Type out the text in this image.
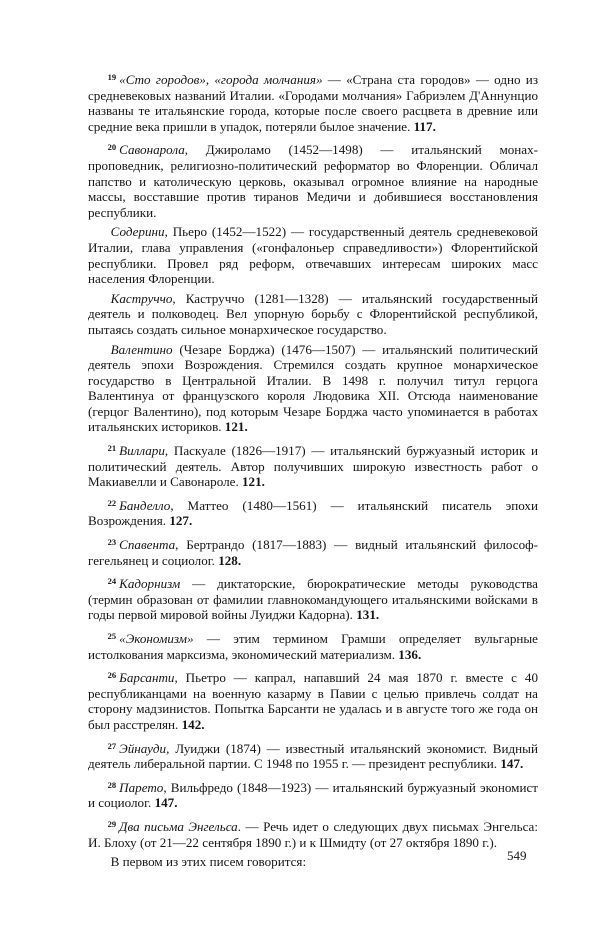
$^{19}$ «Сто городов», «города молчания» — «Страна ста городов» — одно из средневековых названий Италии. «Городами молчания» Габриэлем Д'Аннунцио названы те итальянские города, которые после своего расцвета в древние или средние века пришли в упадок, потеряли былое значение. 117.

$^{20}$ Савонарола, Джироламо (1452—1498) — итальянский монах-проповедник, религиозно-политический реформатор во Флоренции. Обличал папство и католическую церковь, оказывал огромное влияние на народные массы, восставшие против тиранов Медичи и добившиеся восстановления республики.

Содерини, Пьеро (1452—1522) — государственный деятель средневековой Италии, глава управления («гонфалоньер справедливости») Флорентийской республики. Провел ряд реформ, отвечавших интересам широких масс населения Флоренции.

Каструччо, Каструччо (1281—1328) — итальянский государственный деятель и полководец. Вел упорную борьбу с Флорентийской республикой, пытаясь создать сильное монархическое государство.

Валентино (Чезаре Борджа) (1476—1507) — итальянский политический деятель эпохи Возрождения. Стремился создать крупное монархическое государство в Центральной Италии. В 1498 г. получил титул герцога Валентинуа от французского короля Людовика XII. Отсюда наименование (герцог Валентино), под которым Чезаре Борджа часто упоминается в работах итальянских историков. 121.

$^{21}$ Виллари, Паскуале (1826—1917) — итальянский буржуазный историк и политический деятель. Автор получивших широкую известность работ о Макиавелли и Савонароле. 121.

$^{22}$ Банделло, Маттео (1480—1561) — итальянский писатель эпохи Возрождения. 127.

$^{23}$ Спавента, Бертрандо (1817—1883) — видный итальянский философ-гегельянец и социолог. 128.

$^{24}$ Кадорнизм — диктаторские, бюрократические методы руководства (термин образован от фамилии главнокомандующего итальянскими войсками в годы первой мировой войны Луиджи Кадорна). 131.

$^{25}$ «Экономизм» — этим термином Грамши определяет вульгарные истолкования марксизма, экономический материализм. 136.

$^{26}$ Барсанти, Пьетро — капрал, напавший 24 мая 1870 г. вместе с 40 республиканцами на военную казарму в Павии с целью привлечь солдат на сторону мадзинистов. Попытка Барсанти не удалась и в августе того же года он был расстрелян. 142.

$^{27}$ Эйнауди, Луиджи (1874) — известный итальянский экономист. Видный деятель либеральной партии. С 1948 по 1955 г. — президент республики. 147.

$^{28}$ Парето, Вильфредо (1848—1923) — итальянский буржуазный экономист и социолог. 147.

$^{29}$ Два письма Энгельса. — Речь идет о следующих двух письмах Энгельса: И. Блоху (от 21—22 сентября 1890 г.) и к Шмидту (от 27 октября 1890 г.).

В первом из этих писем говорится:	549
